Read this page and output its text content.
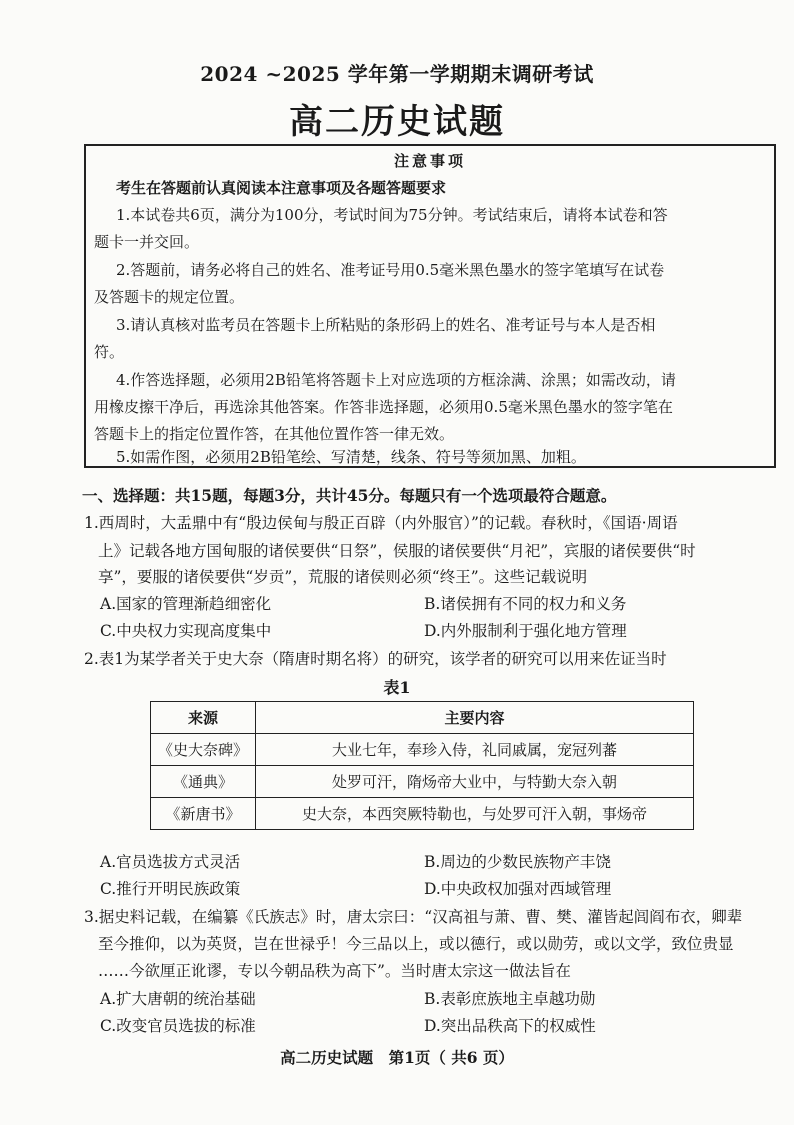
2024 ~2025 学年第一学期期末调研考试
高二历史试题
注意事项
考生在答题前认真阅读本注意事项及各题答题要求
1.本试卷共6页，满分为100分，考试时间为75分钟。考试结束后，请将本试卷和答
题卡一并交回。
2.答题前，请务必将自己的姓名、准考证号用0.5毫米黑色墨水的签字笔填写在试卷
及答题卡的规定位置。
3.请认真核对监考员在答题卡上所粘贴的条形码上的姓名、准考证号与本人是否相
符。
4.作答选择题，必须用2B铅笔将答题卡上对应选项的方框涂满、涂黑；如需改动，请
用橡皮擦干净后，再选涂其他答案。作答非选择题，必须用0.5毫米黑色墨水的签字笔在
答题卡上的指定位置作答，在其他位置作答一律无效。
5.如需作图，必须用2B铅笔绘、写清楚，线条、符号等须加黑、加粗。
一、选择题：共15题，每题3分，共计45分。每题只有一个选项最符合题意。
1.西周时，大盂鼎中有“殷边侯甸与殷正百辟（内外服官）”的记载。春秋时，《国语·周语
上》记载各地方国甸服的诸侯要供“日祭”，侯服的诸侯要供“月祀”，宾服的诸侯要供“时
享”，要服的诸侯要供“岁贡”，荒服的诸侯则必须“终王”。这些记载说明
A.国家的管理渐趋细密化	B.诸侯拥有不同的权力和义务
C.中央权力实现高度集中	D.内外服制利于强化地方管理
2.表1为某学者关于史大奈（隋唐时期名将）的研究，该学者的研究可以用来佐证当时
表1
来源	主要内容
《史大奈碑》	大业七年，奉珍入侍，礼同戚属，宠冠列蕃
《通典》	处罗可汗，隋炀帝大业中，与特勤大奈入朝
《新唐书》	史大奈，本西突厥特勒也，与处罗可汗入朝，事炀帝
A.官员选拔方式灵活	B.周边的少数民族物产丰饶
C.推行开明民族政策	D.中央政权加强对西域管理
3.据史料记载，在编纂《氏族志》时，唐太宗曰：“汉高祖与萧、曹、樊、灌皆起闾阎布衣，卿辈
至今推仰，以为英贤，岂在世禄乎！今三品以上，或以德行，或以勋劳，或以文学，致位贵显
……今欲厘正讹谬，专以今朝品秩为高下”。当时唐太宗这一做法旨在
A.扩大唐朝的统治基础	B.表彰庶族地主卓越功勋
C.改变官员选拔的标准	D.突出品秩高下的权威性
高二历史试题　第1页（ 共6 页）
